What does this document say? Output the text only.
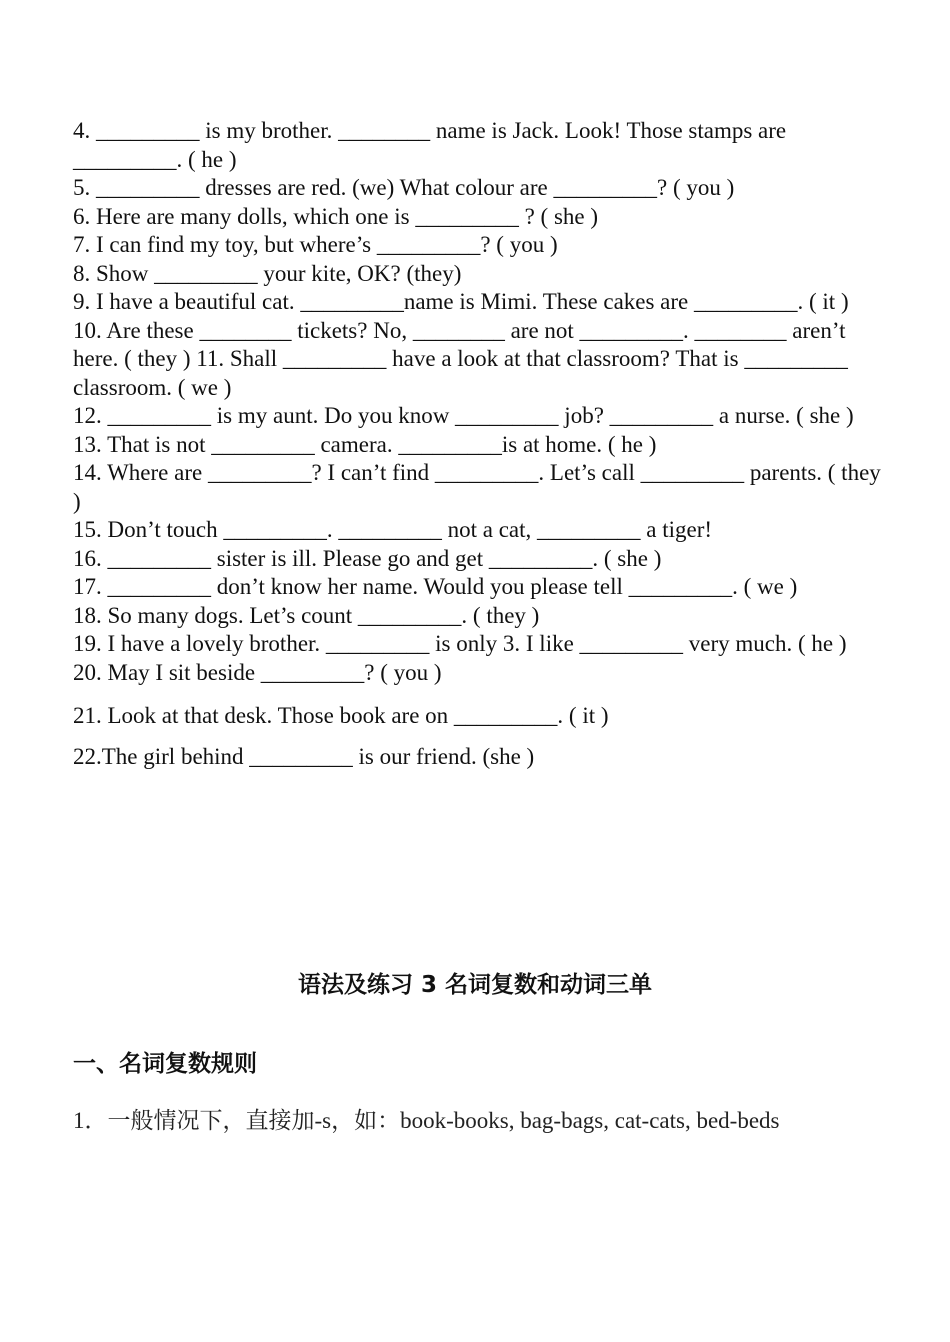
4. _________ is my brother. ________ name is Jack. Look! Those stamps are _________. ( he )

5. _________ dresses are red. (we) What colour are _________? ( you )

6. Here are many dolls, which one is _________ ? ( she )

7. I can find my toy, but where’s _________? ( you )

8. Show _________ your kite, OK? (they)

9. I have a beautiful cat. _________name is Mimi. These cakes are _________. ( it )

10. Are these ________ tickets? No, ________ are not _________. ________ aren’t here. ( they ) 11. Shall _________ have a look at that classroom? That is _________ classroom. ( we )

12. _________ is my aunt. Do you know _________ job? _________ a nurse. ( she )

13. That is not _________ camera. _________is at home. ( he )

14. Where are _________? I can’t find _________. Let’s call _________ parents. ( they )

15. Don’t touch _________. _________ not a cat, _________ a tiger!

16. _________ sister is ill. Please go and get _________. ( she )

17. _________ don’t know her name. Would you please tell _________. ( we )

18. So many dogs. Let’s count _________. ( they )

19. I have a lovely brother. _________ is only 3. I like _________ very much. ( he )

20. May I sit beside _________? ( you )

21. Look at that desk. Those book are on _________. ( it )

22.The girl behind _________ is our friend. (she )

语法及练习 3 名词复数和动词三单
一、名词复数规则
1．一般情况下，直接加-s，如：book-books, bag-bags, cat-cats, bed-beds
